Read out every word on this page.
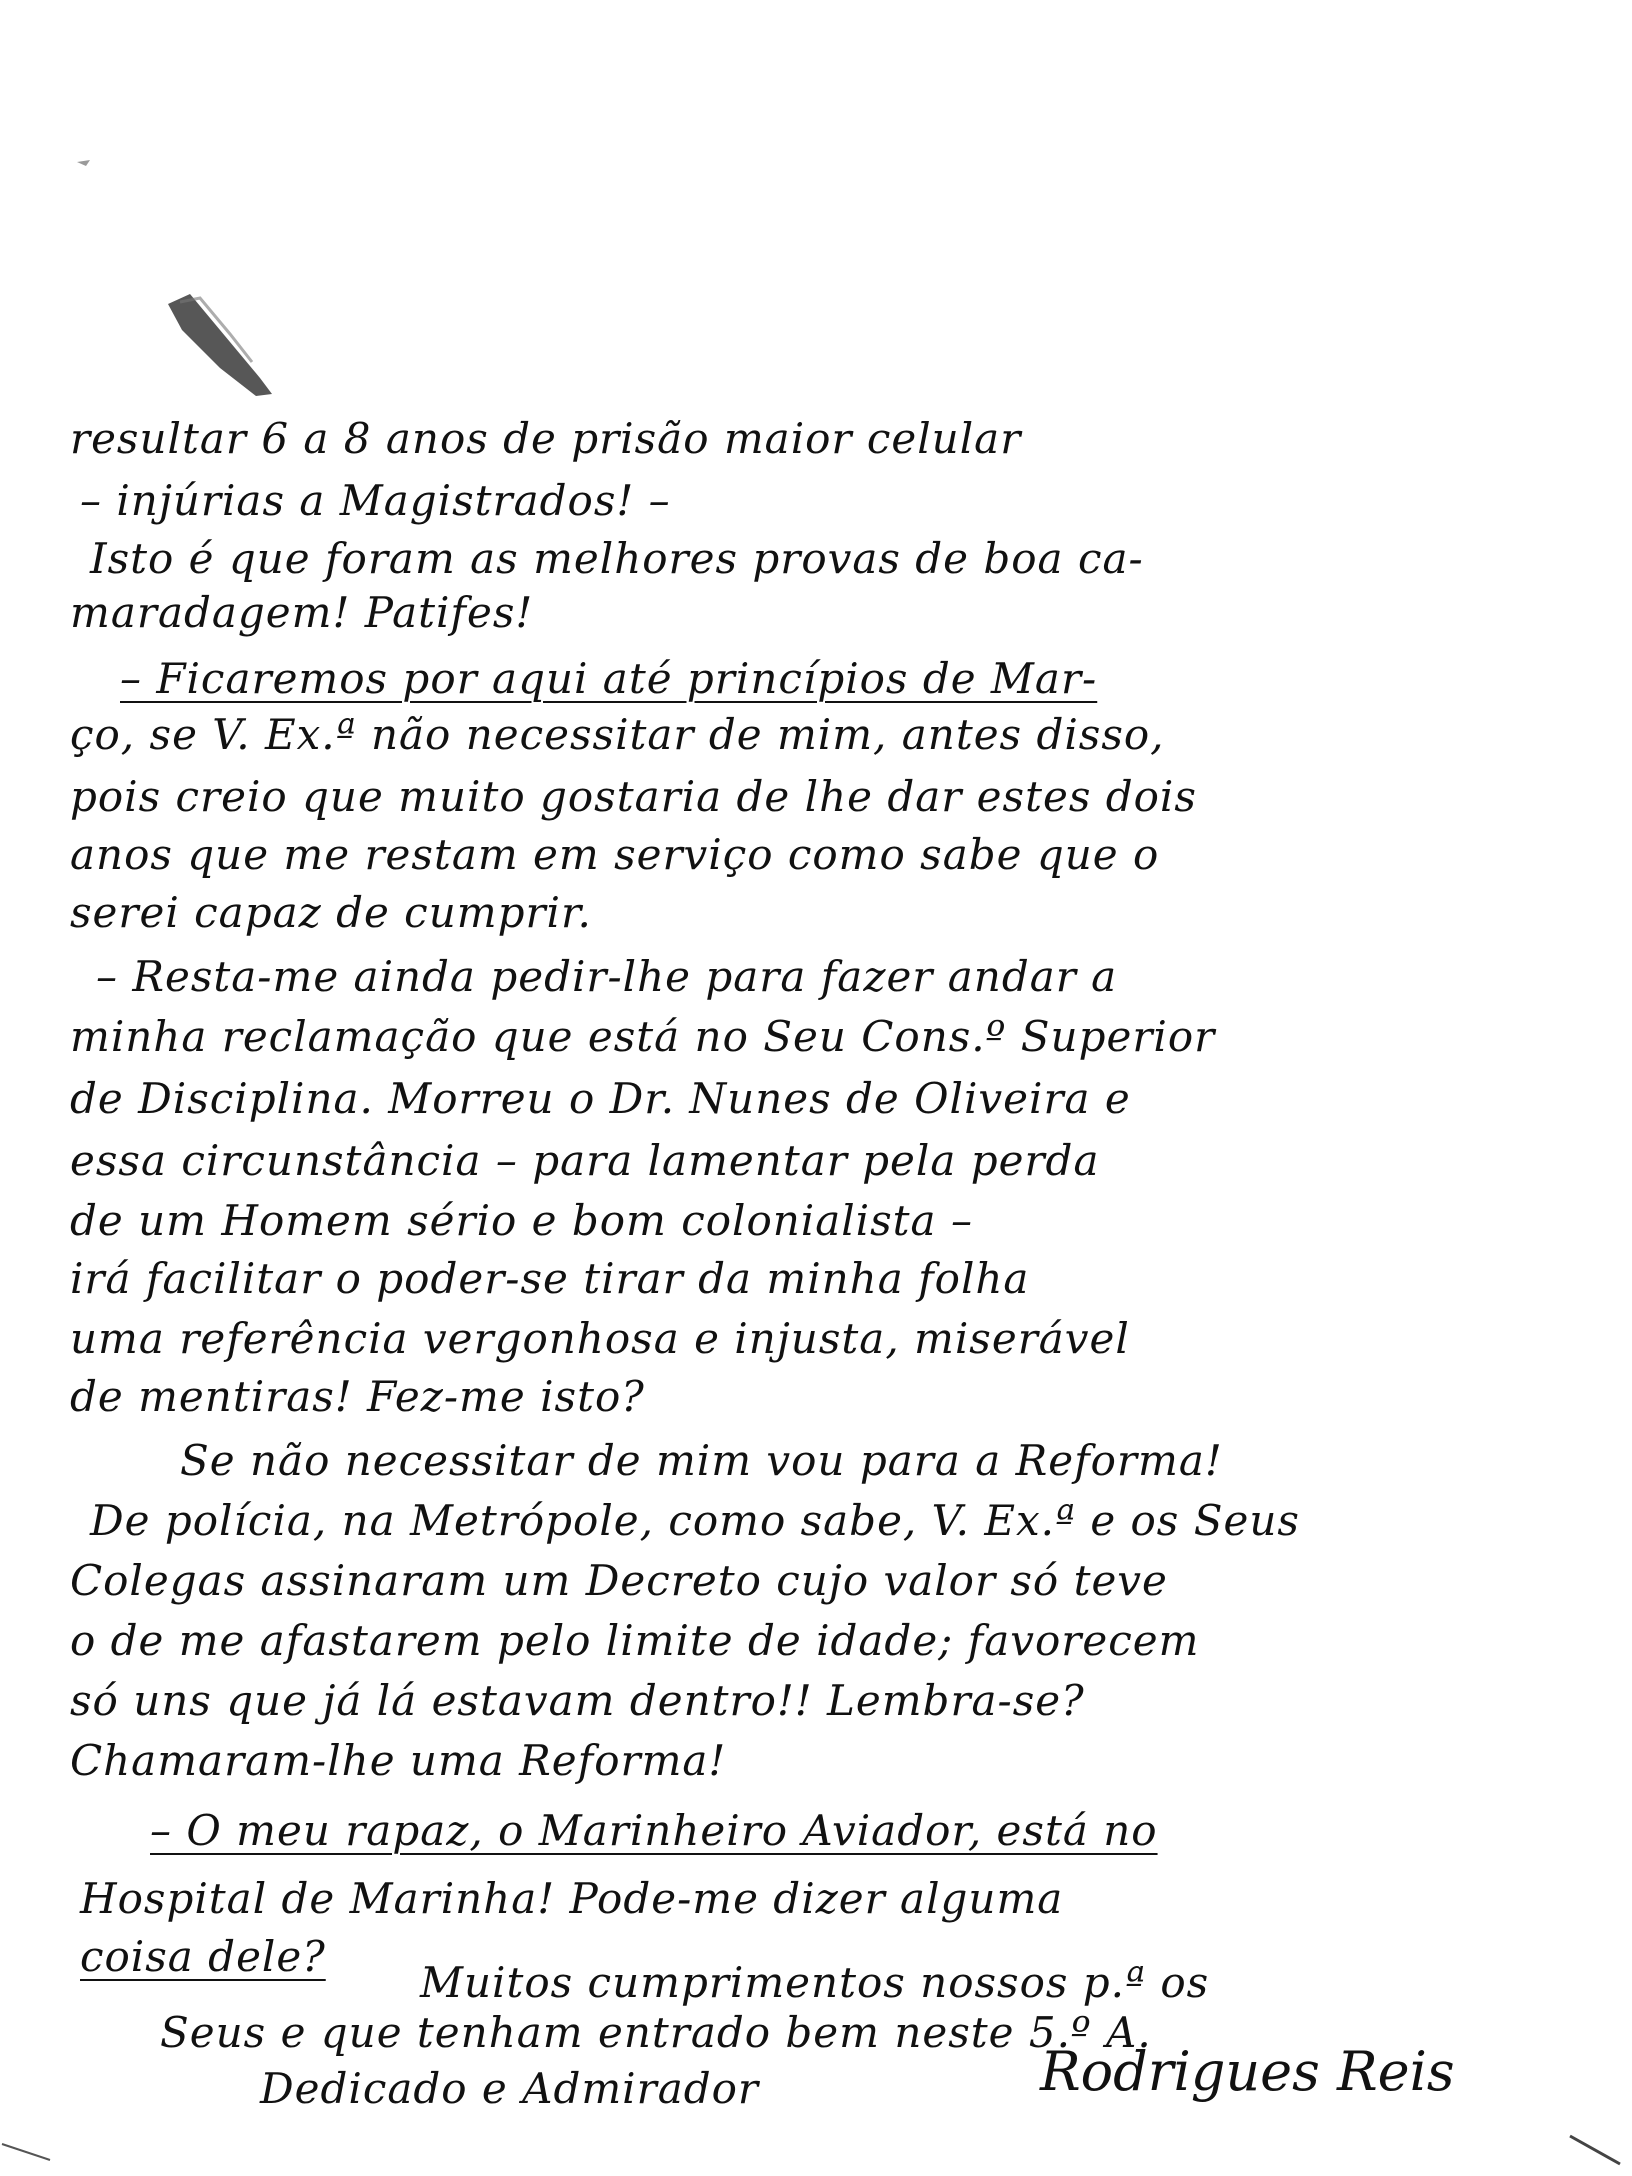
resultar 6 a 8 anos de prisão maior celular
– injúrias a Magistrados! –
Isto é que foram as melhores provas de boa ca-
maradagem! Patifes!
– Ficaremos por aqui até princípios de Mar-
ço, se V. Ex.ª não necessitar de mim, antes disso,
pois creio que muito gostaria de lhe dar estes dois
anos que me restam em serviço como sabe que o
serei capaz de cumprir.
– Resta-me ainda pedir-lhe para fazer andar a
minha reclamação que está no Seu Cons.º Superior
de Disciplina. Morreu o Dr. Nunes de Oliveira e
essa circunstância – para lamentar pela perda
de um Homem sério e bom colonialista –
irá facilitar o poder-se tirar da minha folha
uma referência vergonhosa e injusta, miserável
de mentiras! Fez-me isto?
Se não necessitar de mim vou para a Reforma!
De polícia, na Metrópole, como sabe, V. Ex.ª e os Seus
Colegas assinaram um Decreto cujo valor só teve
o de me afastarem pelo limite de idade; favorecem
só uns que já lá estavam dentro!! Lembra-se?
Chamaram-lhe uma Reforma!
– O meu rapaz, o Marinheiro Aviador, está no
Hospital de Marinha! Pode-me dizer alguma
coisa dele?
Muitos cumprimentos nossos p.ª os
Seus e que tenham entrado bem neste 5.º A.
Dedicado e Admirador	Rodrigues Reis
